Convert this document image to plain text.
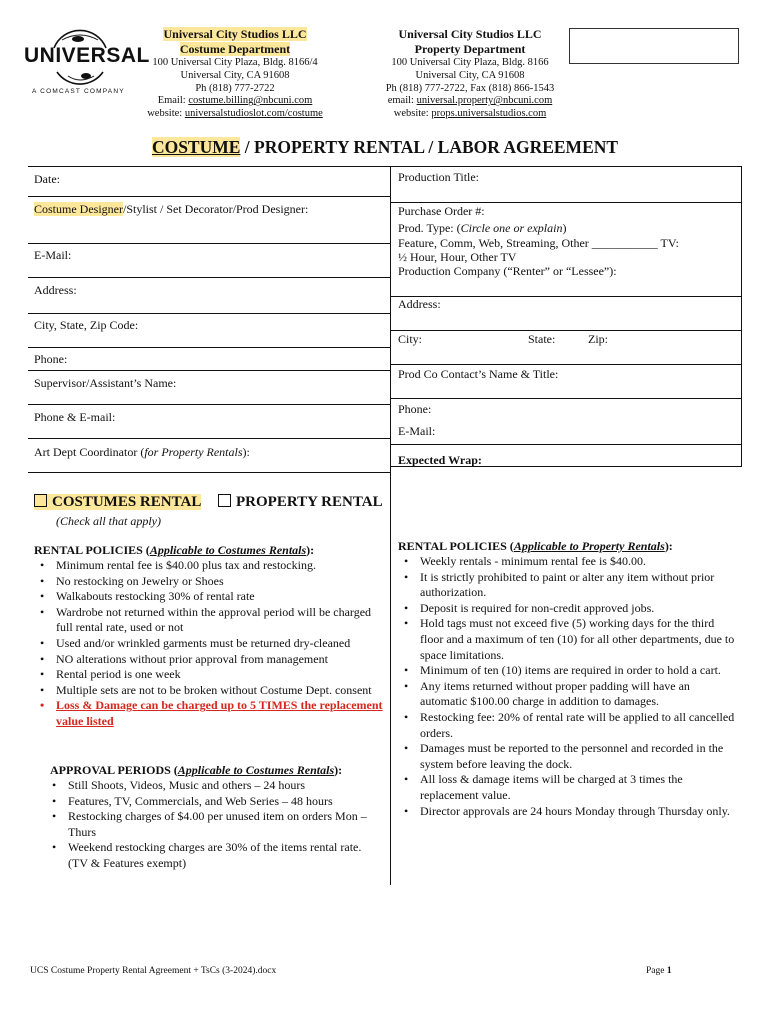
UNIVERSAL
A COMCAST COMPANY
Universal City Studios LLC
Costume Department
100 Universal City Plaza, Bldg. 8166/4
Universal City, CA 91608
Ph (818) 777-2722
Email: costume.billing@nbcuni.com
website: universalstudioslot.com/costume
Universal City Studios LLC
Property Department
100 Universal City Plaza, Bldg. 8166
Universal City, CA 91608
Ph (818) 777-2722, Fax (818) 866-1543
email: universal.property@nbcuni.com
website: props.universalstudios.com
COSTUME / PROPERTY RENTAL / LABOR AGREEMENT
Date:
Costume Designer/Stylist / Set Decorator/Prod Designer:
E-Mail:
Address:
City, State, Zip Code:
Phone:
Supervisor/Assistant’s Name:
Phone & E-mail:
Art Dept Coordinator (for Property Rentals):
Production Title:
Purchase Order #:
Prod. Type: (Circle one or explain)
Feature, Comm, Web, Streaming, Other ___________ TV:
½ Hour, Hour, Other TV
Production Company (“Renter” or “Lessee”):
Address:
City:	State:	Zip:
Prod Co Contact’s Name & Title:
Phone:
E-Mail:
Expected Wrap:
COSTUMES RENTAL PROPERTY RENTAL
(Check all that apply)
RENTAL POLICIES (Applicable to Costumes Rentals):
• Minimum rental fee is $40.00 plus tax and restocking.
• No restocking on Jewelry or Shoes
• Walkabouts restocking 30% of rental rate
• Wardrobe not returned within the approval period will be charged full rental rate, used or not
• Used and/or wrinkled garments must be returned dry-cleaned
• NO alterations without prior approval from management
• Rental period is one week
• Multiple sets are not to be broken without Costume Dept. consent
• Loss & Damage can be charged up to 5 TIMES the replacement value listed
APPROVAL PERIODS (Applicable to Costumes Rentals):
• Still Shoots, Videos, Music and others – 24 hours
• Features, TV, Commercials, and Web Series – 48 hours
• Restocking charges of $4.00 per unused item on orders Mon – Thurs
• Weekend restocking charges are 30% of the items rental rate. (TV & Features exempt)
RENTAL POLICIES (Applicable to Property Rentals):
• Weekly rentals - minimum rental fee is $40.00.
• It is strictly prohibited to paint or alter any item without prior authorization.
• Deposit is required for non-credit approved jobs.
• Hold tags must not exceed five (5) working days for the third floor and a maximum of ten (10) for all other departments, due to space limitations.
• Minimum of ten (10) items are required in order to hold a cart.
• Any items returned without proper padding will have an automatic $100.00 charge in addition to damages.
• Restocking fee: 20% of rental rate will be applied to all cancelled orders.
• Damages must be reported to the personnel and recorded in the system before leaving the dock.
• All loss & damage items will be charged at 3 times the replacement value.
• Director approvals are 24 hours Monday through Thursday only.
UCS Costume Property Rental Agreement + TsCs (3-2024).docx	Page 1
